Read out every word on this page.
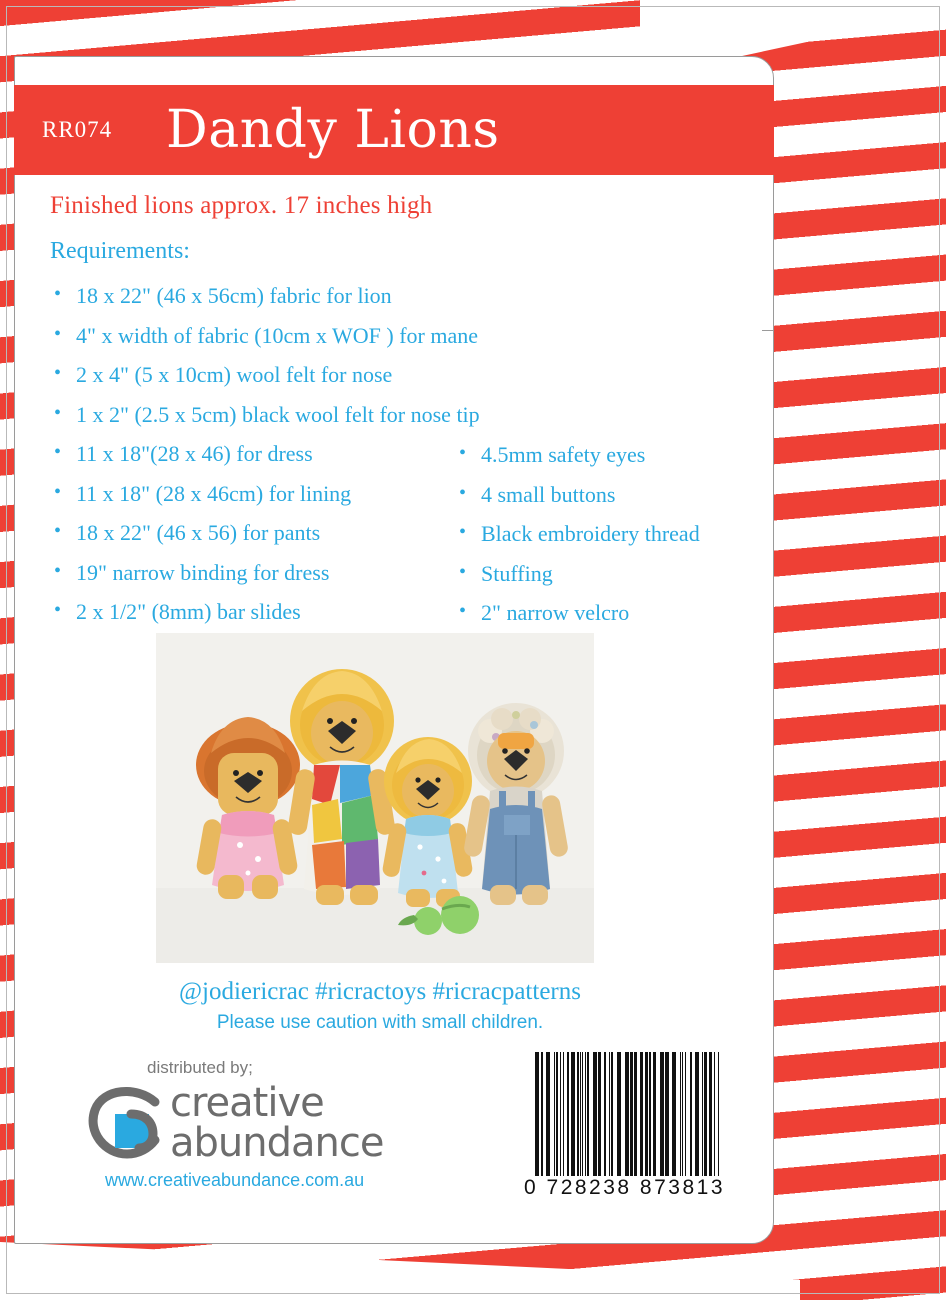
RR074	Dandy Lions
Finished lions approx. 17 inches high
Requirements:
• 18 x 22" (46 x 56cm) fabric for lion
• 4" x width of fabric (10cm x WOF ) for mane
• 2 x 4" (5 x 10cm) wool felt for nose
• 1 x 2" (2.5 x 5cm) black wool felt for nose tip
• 11 x 18"(28 x 46) for dress
• 11 x 18" (28 x 46cm) for lining
• 18 x 22" (46 x 56) for pants
• 19" narrow binding for dress
• 2 x 1/2" (8mm) bar slides
• 4.5mm safety eyes
• 4 small buttons
• Black embroidery thread
• Stuffing
• 2" narrow velcro
@jodiericrac #ricractoys #ricracpatterns
Please use caution with small children.
distributed by;
creative
abundance
www.creativeabundance.com.au	0 728238 873813
